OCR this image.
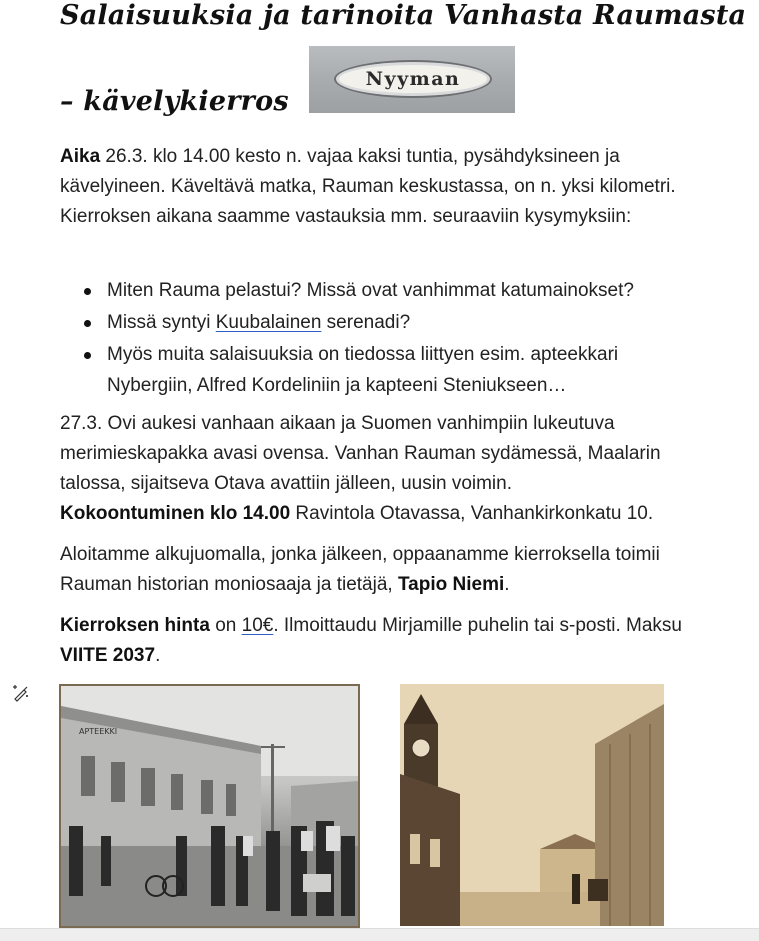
Salaisuuksia ja tarinoita Vanhasta Raumasta
– kävelykierros
Nyyman

Aika 26.3. klo 14.00 kesto n. vajaa kaksi tuntia, pysähdyksineen ja kävelyineen. Käveltävä matka, Rauman keskustassa, on n. yksi kilometri. Kierroksen aikana saamme vastauksia mm. seuraaviin kysymyksiin:

Miten Rauma pelastui? Missä ovat vanhimmat katumainokset?
Missä syntyi Kuubalainen serenadi?
Myös muita salaisuuksia on tiedossa liittyen esim. apteekkari Nybergiin, Alfred Kordeliniin ja kapteeni Steniukseen…

27.3. Ovi aukesi vanhaan aikaan ja Suomen vanhimpiin lukeutuva merimieskapakka avasi ovensa. Vanhan Rauman sydämessä, Maalarin talossa, sijaitseva Otava avattiin jälleen, uusin voimin.
Kokoontuminen klo 14.00 Ravintola Otavassa, Vanhankirkonkatu 10.

Aloitamme alkujuomalla, jonka jälkeen, oppaanamme kierroksella toimii Rauman historian moniosaaja ja tietäjä, Tapio Niemi.

Kierroksen hinta on 10€. Ilmoittaudu Mirjamille puhelin tai s-posti. Maksu VIITE 2037.

APTEEKKI
